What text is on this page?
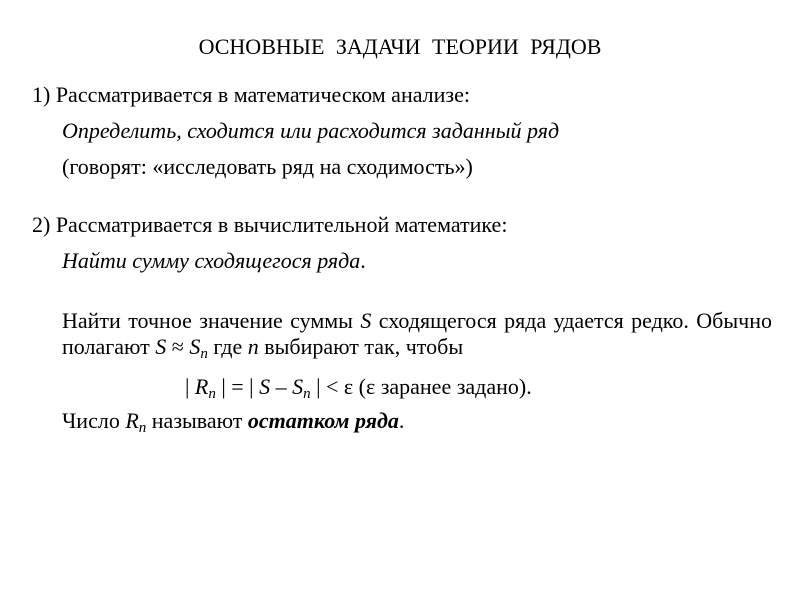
ОСНОВНЫЕ ЗАДАЧИ ТЕОРИИ РЯДОВ
1) Рассматривается в математическом анализе:
Определить, сходится или расходится заданный ряд
(говорят: «исследовать ряд на сходимость»)
2) Рассматривается в вычислительной математике:
Найти сумму сходящегося ряда.
Найти точное значение суммы S сходящегося ряда удается редко. Обычно полагают $S \approx S_n$ где n выбирают так, чтобы
| $R_n$ | = | S – $S_n$ | < ε (ε заранее задано).
Число $R_n$ называют остатком ряда.
